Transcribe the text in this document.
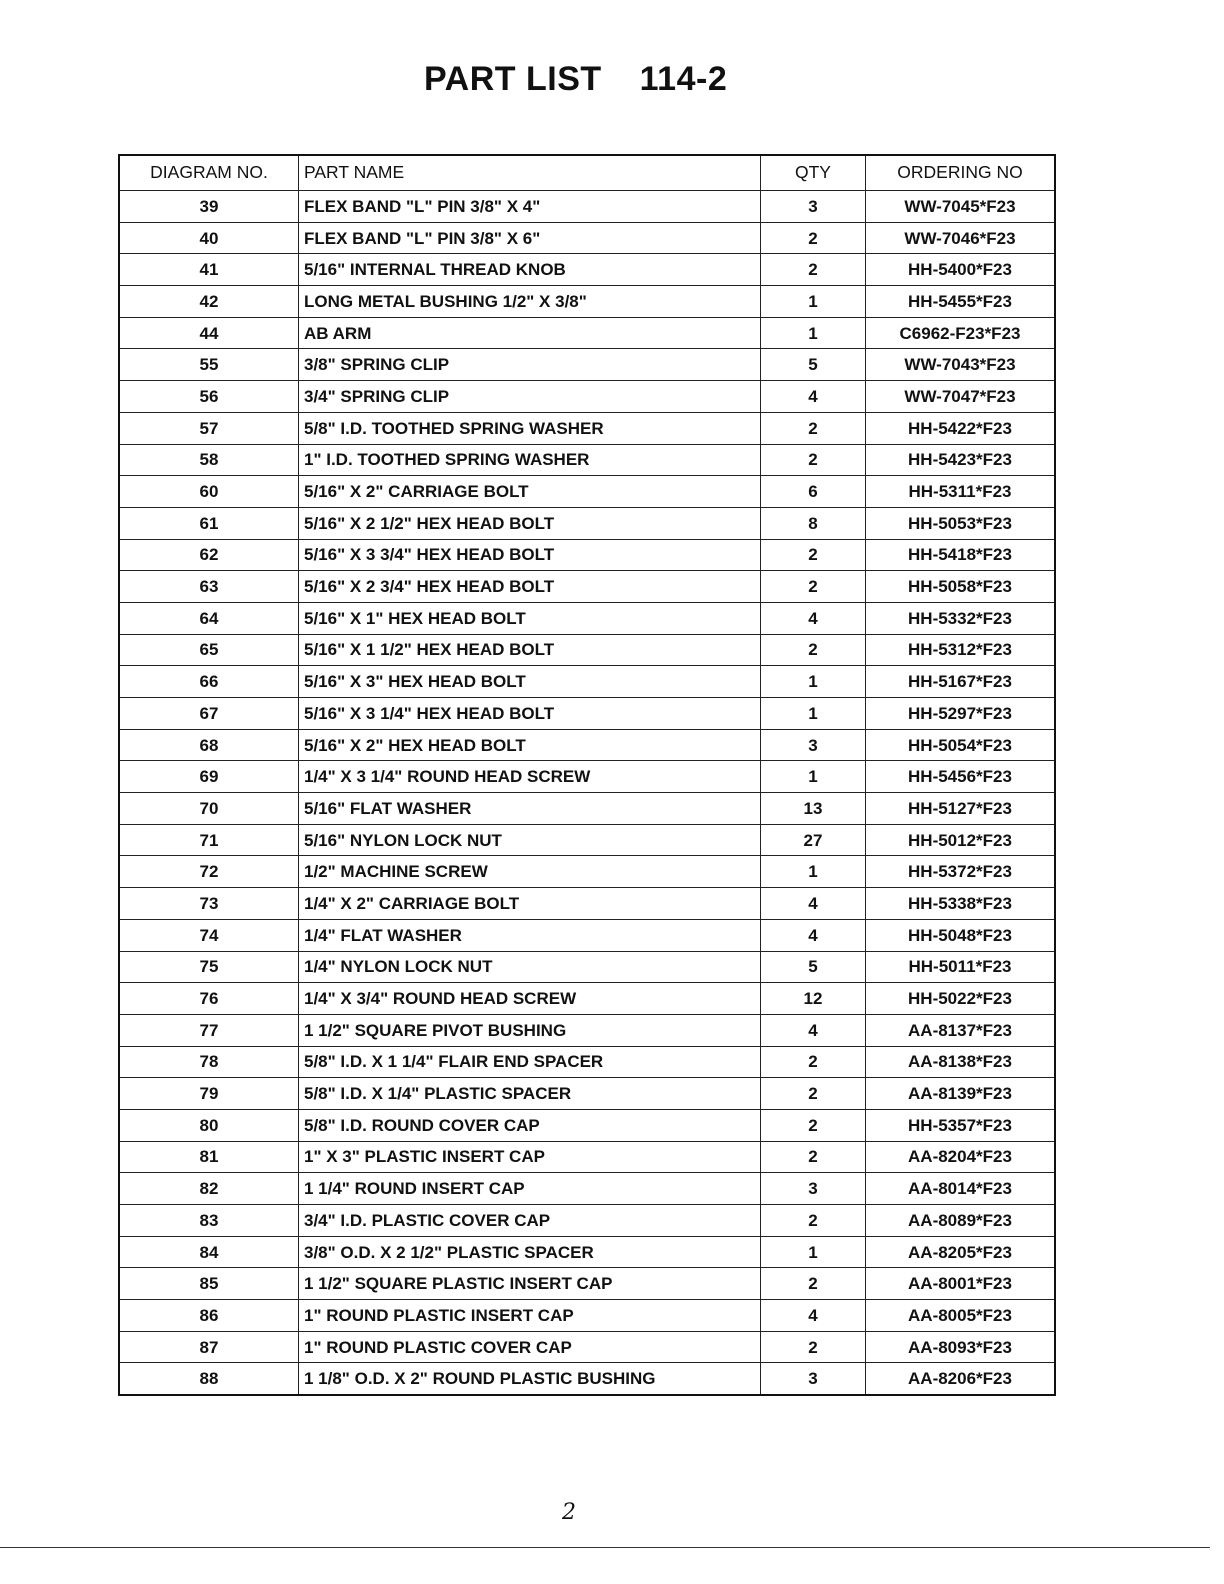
PART LIST 114-2
DIAGRAM NO.	PART NAME	QTY	ORDERING NO
39	FLEX BAND "L" PIN 3/8" X 4"	3	WW-7045*F23
40	FLEX BAND "L" PIN 3/8" X 6"	2	WW-7046*F23
41	5/16" INTERNAL THREAD KNOB	2	HH-5400*F23
42	LONG METAL BUSHING 1/2" X 3/8"	1	HH-5455*F23
44	AB ARM	1	C6962-F23*F23
55	3/8" SPRING CLIP	5	WW-7043*F23
56	3/4" SPRING CLIP	4	WW-7047*F23
57	5/8" I.D. TOOTHED SPRING WASHER	2	HH-5422*F23
58	1" I.D. TOOTHED SPRING WASHER	2	HH-5423*F23
60	5/16" X 2" CARRIAGE BOLT	6	HH-5311*F23
61	5/16" X 2 1/2" HEX HEAD BOLT	8	HH-5053*F23
62	5/16" X 3 3/4" HEX HEAD BOLT	2	HH-5418*F23
63	5/16" X 2 3/4" HEX HEAD BOLT	2	HH-5058*F23
64	5/16" X 1" HEX HEAD BOLT	4	HH-5332*F23
65	5/16" X 1 1/2" HEX HEAD BOLT	2	HH-5312*F23
66	5/16" X 3" HEX HEAD BOLT	1	HH-5167*F23
67	5/16" X 3 1/4" HEX HEAD BOLT	1	HH-5297*F23
68	5/16" X 2" HEX HEAD BOLT	3	HH-5054*F23
69	1/4" X 3 1/4" ROUND HEAD SCREW	1	HH-5456*F23
70	5/16" FLAT WASHER	13	HH-5127*F23
71	5/16" NYLON LOCK NUT	27	HH-5012*F23
72	1/2" MACHINE SCREW	1	HH-5372*F23
73	1/4" X 2" CARRIAGE BOLT	4	HH-5338*F23
74	1/4" FLAT WASHER	4	HH-5048*F23
75	1/4" NYLON LOCK NUT	5	HH-5011*F23
76	1/4" X 3/4" ROUND HEAD SCREW	12	HH-5022*F23
77	1 1/2" SQUARE PIVOT BUSHING	4	AA-8137*F23
78	5/8" I.D. X 1 1/4" FLAIR END SPACER	2	AA-8138*F23
79	5/8" I.D. X 1/4" PLASTIC SPACER	2	AA-8139*F23
80	5/8" I.D. ROUND COVER CAP	2	HH-5357*F23
81	1" X 3" PLASTIC INSERT CAP	2	AA-8204*F23
82	1 1/4" ROUND INSERT CAP	3	AA-8014*F23
83	3/4" I.D. PLASTIC COVER CAP	2	AA-8089*F23
84	3/8" O.D. X 2 1/2" PLASTIC SPACER	1	AA-8205*F23
85	1 1/2" SQUARE PLASTIC INSERT CAP	2	AA-8001*F23
86	1" ROUND PLASTIC INSERT CAP	4	AA-8005*F23
87	1" ROUND PLASTIC COVER CAP	2	AA-8093*F23
88	1 1/8" O.D. X 2" ROUND PLASTIC BUSHING	3	AA-8206*F23
2
